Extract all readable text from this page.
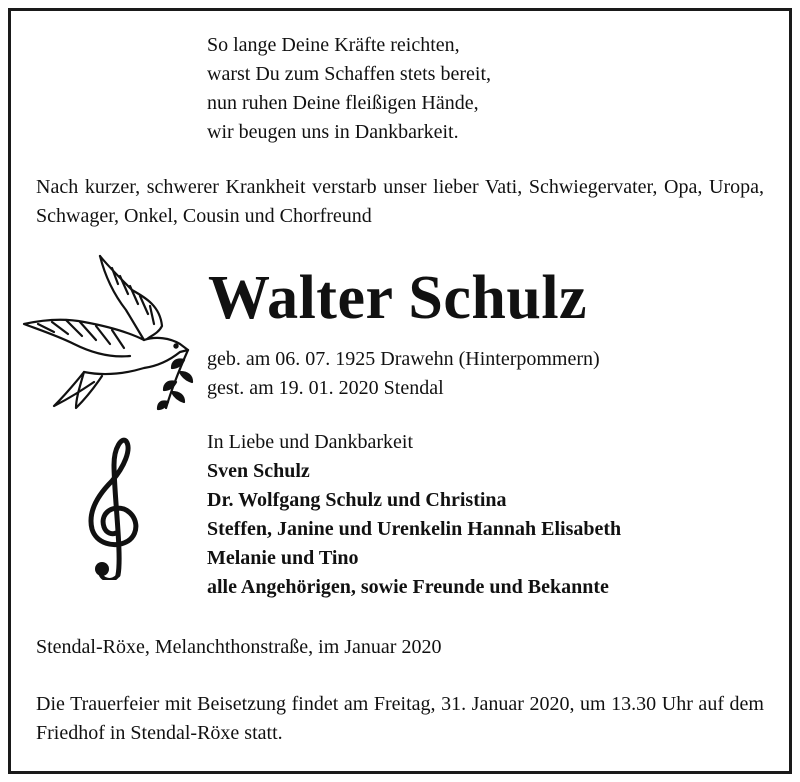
So lange Deine Kräfte reichten,
warst Du zum Schaffen stets bereit,
nun ruhen Deine fleißigen Hände,
wir beugen uns in Dankbarkeit.

Nach kurzer, schwerer Krankheit verstarb unser lieber Vati, Schwiegervater, Opa, Uropa, Schwager, Onkel, Cousin und Chorfreund

Walter Schulz
geb. am 06. 07. 1925 Drawehn (Hinterpommern)
gest. am 19. 01. 2020 Stendal
In Liebe und Dankbarkeit
Sven Schulz
Dr. Wolfgang Schulz und Christina
Steffen, Janine und Urenkelin Hannah Elisabeth
Melanie und Tino
alle Angehörigen, sowie Freunde und Bekannte

Stendal-Röxe, Melanchthonstraße, im Januar 2020

Die Trauerfeier mit Beisetzung findet am Freitag, 31. Januar 2020, um 13.30 Uhr auf dem Friedhof in Stendal-Röxe statt.
